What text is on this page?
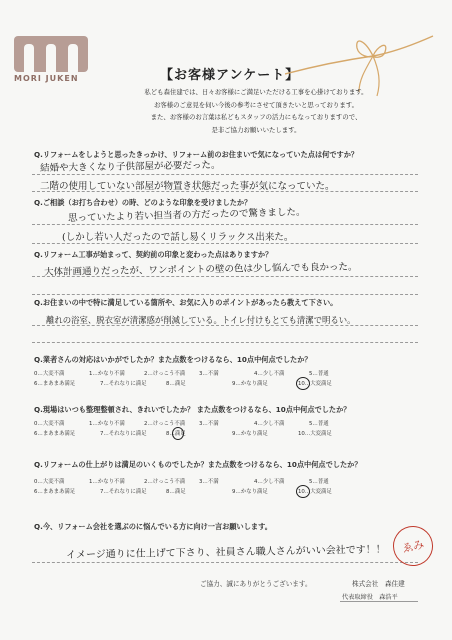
MORI JUKEN	【お客様アンケート】
私ども森住建では、日々お客様にご満足いただける工事を心掛けております。
お客様のご意見を伺い今後の参考にさせて頂きたいと思っております。
また、お客様のお言葉は私どもスタッフの活力にもなっておりますので、
是非ご協力お願いいたします。
Q.リフォームをしようと思ったきっかけ、リフォーム前のお住まいで気になっていた点は何ですか？
結婚や大きくなり子供部屋が必要だった。
二階の使用していない部屋が物置き状態だった事が気になっていた。
Q.ご相談（お打ち合わせ）の時、どのような印象を受けましたか？
思っていたより若い担当者の方だったので驚きました。
(しかし若い人だったので話し易くリラックス出来た。
Q.リフォーム工事が始まって、契約前の印象と変わった点はありますか？
大体計画通りだったが、ワンポイントの壁の色は少し悩んでも良かった。
Q.お住まいの中で特に満足している箇所や、お気に入りのポイントがあったら教えて下さい。
離れの浴室、脱衣室が清潔感が削減している。トイレ付けもとても清潔で明るい。
Q.業者さんの対応はいかがでしたか？また点数をつけるなら、10点中何点でしたか？
0…大変不満	1…かなり不満	2…けっこう不満	3…不満	4…少し不満	5…普通
6…まあまあ満足	7…それなりに満足	8…満足	9…かなり満足	10…大変満足
Q.現場はいつも整理整頓され、きれいでしたか？ また点数をつけるなら、10点中何点でしたか？
0…大変不満	1…かなり不満	2…けっこう不満	3…不満	4…少し不満	5…普通
6…まあまあ満足	7…それなりに満足	8…満足	9…かなり満足	10…大変満足
Q.リフォームの仕上がりは満足のいくものでしたか？また点数をつけるなら、10点中何点でしたか？
0…大変不満	1…かなり不満	2…けっこう不満	3…不満	4…少し不満	5…普通
6…まあまあ満足	7…それなりに満足	8…満足	9…かなり満足	10…大変満足
Q.今、リフォーム会社を選ぶのに悩んでいる方に向け一言お願いします。
イメージ通りに仕上げて下さり、社員さん職人さんがいい会社です！！	ゑみ
ご協力、誠にありがとうございます。	株式会社　森住建
代表取締役　森浩平
